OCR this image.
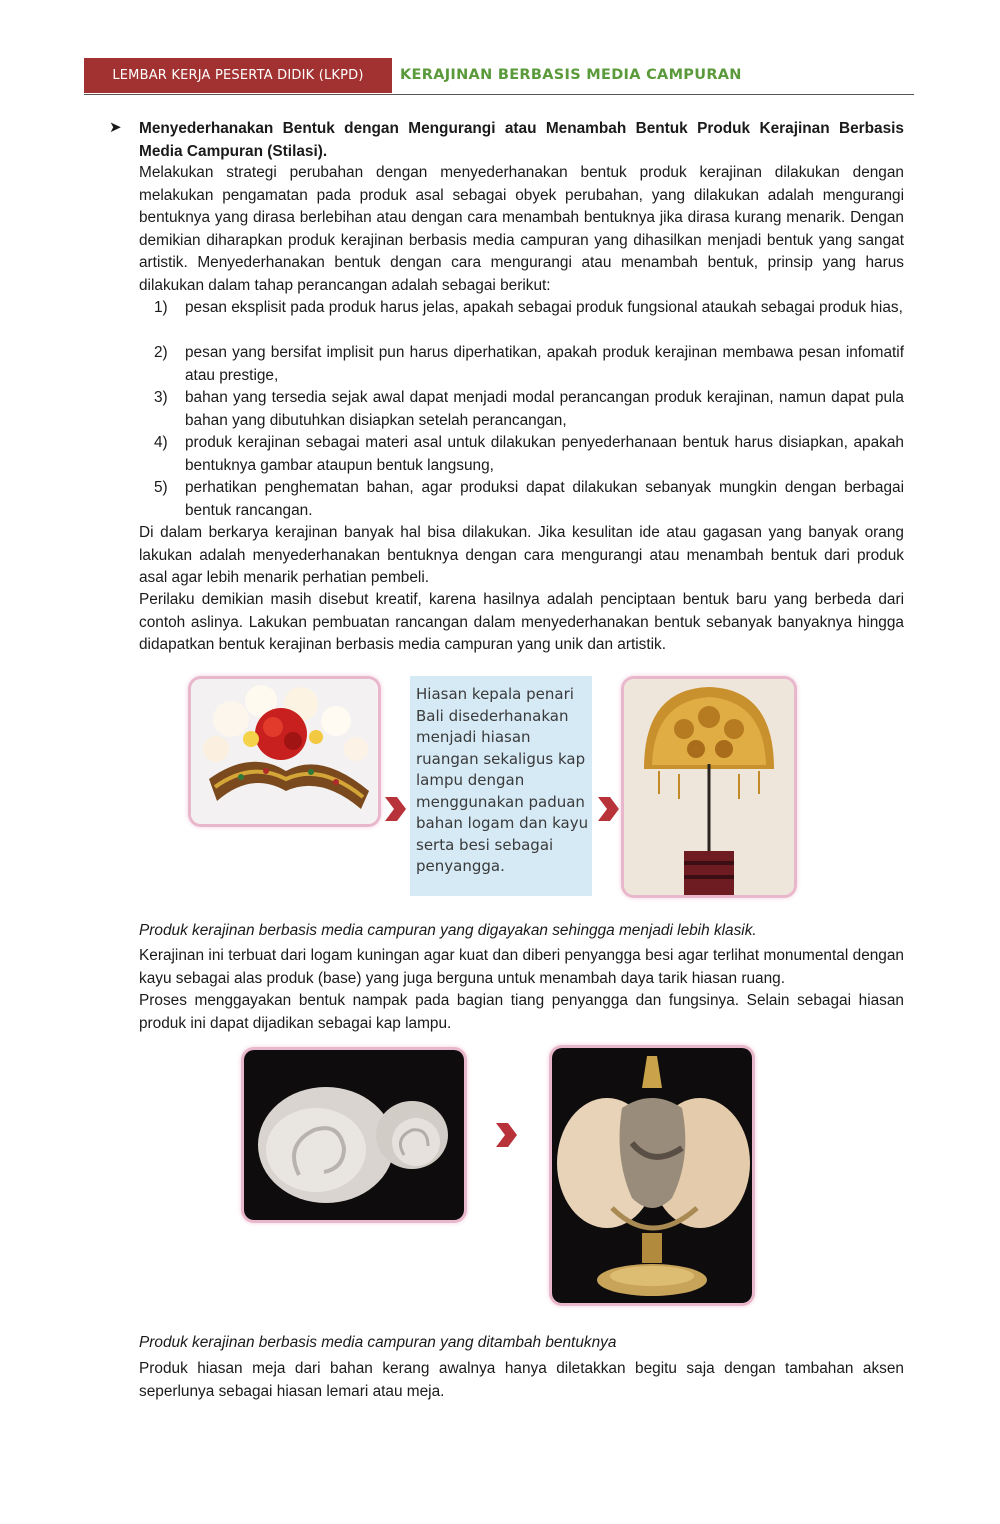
LEMBAR KERJA PESERTA DIDIK (LKPD)	KERAJINAN BERBASIS MEDIA CAMPURAN
➤ Menyederhanakan Bentuk dengan Mengurangi atau Menambah Bentuk Produk Kerajinan Berbasis Media Campuran (Stilasi).
Melakukan strategi perubahan dengan menyederhanakan bentuk produk kerajinan dilakukan dengan melakukan pengamatan pada produk asal sebagai obyek perubahan, yang dilakukan adalah mengurangi bentuknya yang dirasa berlebihan atau dengan cara menambah bentuknya jika dirasa kurang menarik. Dengan demikian diharapkan produk kerajinan berbasis media campuran yang dihasilkan menjadi bentuk yang sangat artistik. Menyederhanakan bentuk dengan cara mengurangi atau menambah bentuk, prinsip yang harus dilakukan dalam tahap perancangan adalah sebagai berikut:
1) pesan eksplisit pada produk harus jelas, apakah sebagai produk fungsional ataukah sebagai produk hias,
2) pesan yang bersifat implisit pun harus diperhatikan, apakah produk kerajinan membawa pesan infomatif atau prestige,
3) bahan yang tersedia sejak awal dapat menjadi modal perancangan produk kerajinan, namun dapat pula bahan yang dibutuhkan disiapkan setelah perancangan,
4) produk kerajinan sebagai materi asal untuk dilakukan penyederhanaan bentuk harus disiapkan, apakah bentuknya gambar ataupun bentuk langsung,
5) perhatikan penghematan bahan, agar produksi dapat dilakukan sebanyak mungkin dengan berbagai bentuk rancangan.
Di dalam berkarya kerajinan banyak hal bisa dilakukan. Jika kesulitan ide atau gagasan yang banyak orang lakukan adalah menyederhanakan bentuknya dengan cara mengurangi atau menambah bentuk dari produk asal agar lebih menarik perhatian pembeli.
Perilaku demikian masih disebut kreatif, karena hasilnya adalah penciptaan bentuk baru yang berbeda dari contoh aslinya. Lakukan pembuatan rancangan dalam menyederhanakan bentuk sebanyak banyaknya hingga didapatkan bentuk kerajinan berbasis media campuran yang unik dan artistik.
Hiasan kepala penari Bali disederhanakan menjadi hiasan ruangan sekaligus kap lampu dengan menggunakan paduan bahan logam dan kayu serta besi sebagai penyangga.
Produk kerajinan berbasis media campuran yang digayakan sehingga menjadi lebih klasik.
Kerajinan ini terbuat dari logam kuningan agar kuat dan diberi penyangga besi agar terlihat monumental dengan kayu sebagai alas produk (base) yang juga berguna untuk menambah daya tarik hiasan ruang.
Proses menggayakan bentuk nampak pada bagian tiang penyangga dan fungsinya. Selain sebagai hiasan produk ini dapat dijadikan sebagai kap lampu.
Produk kerajinan berbasis media campuran yang ditambah bentuknya
Produk hiasan meja dari bahan kerang awalnya hanya diletakkan begitu saja dengan tambahan aksen seperlunya sebagai hiasan lemari atau meja.
